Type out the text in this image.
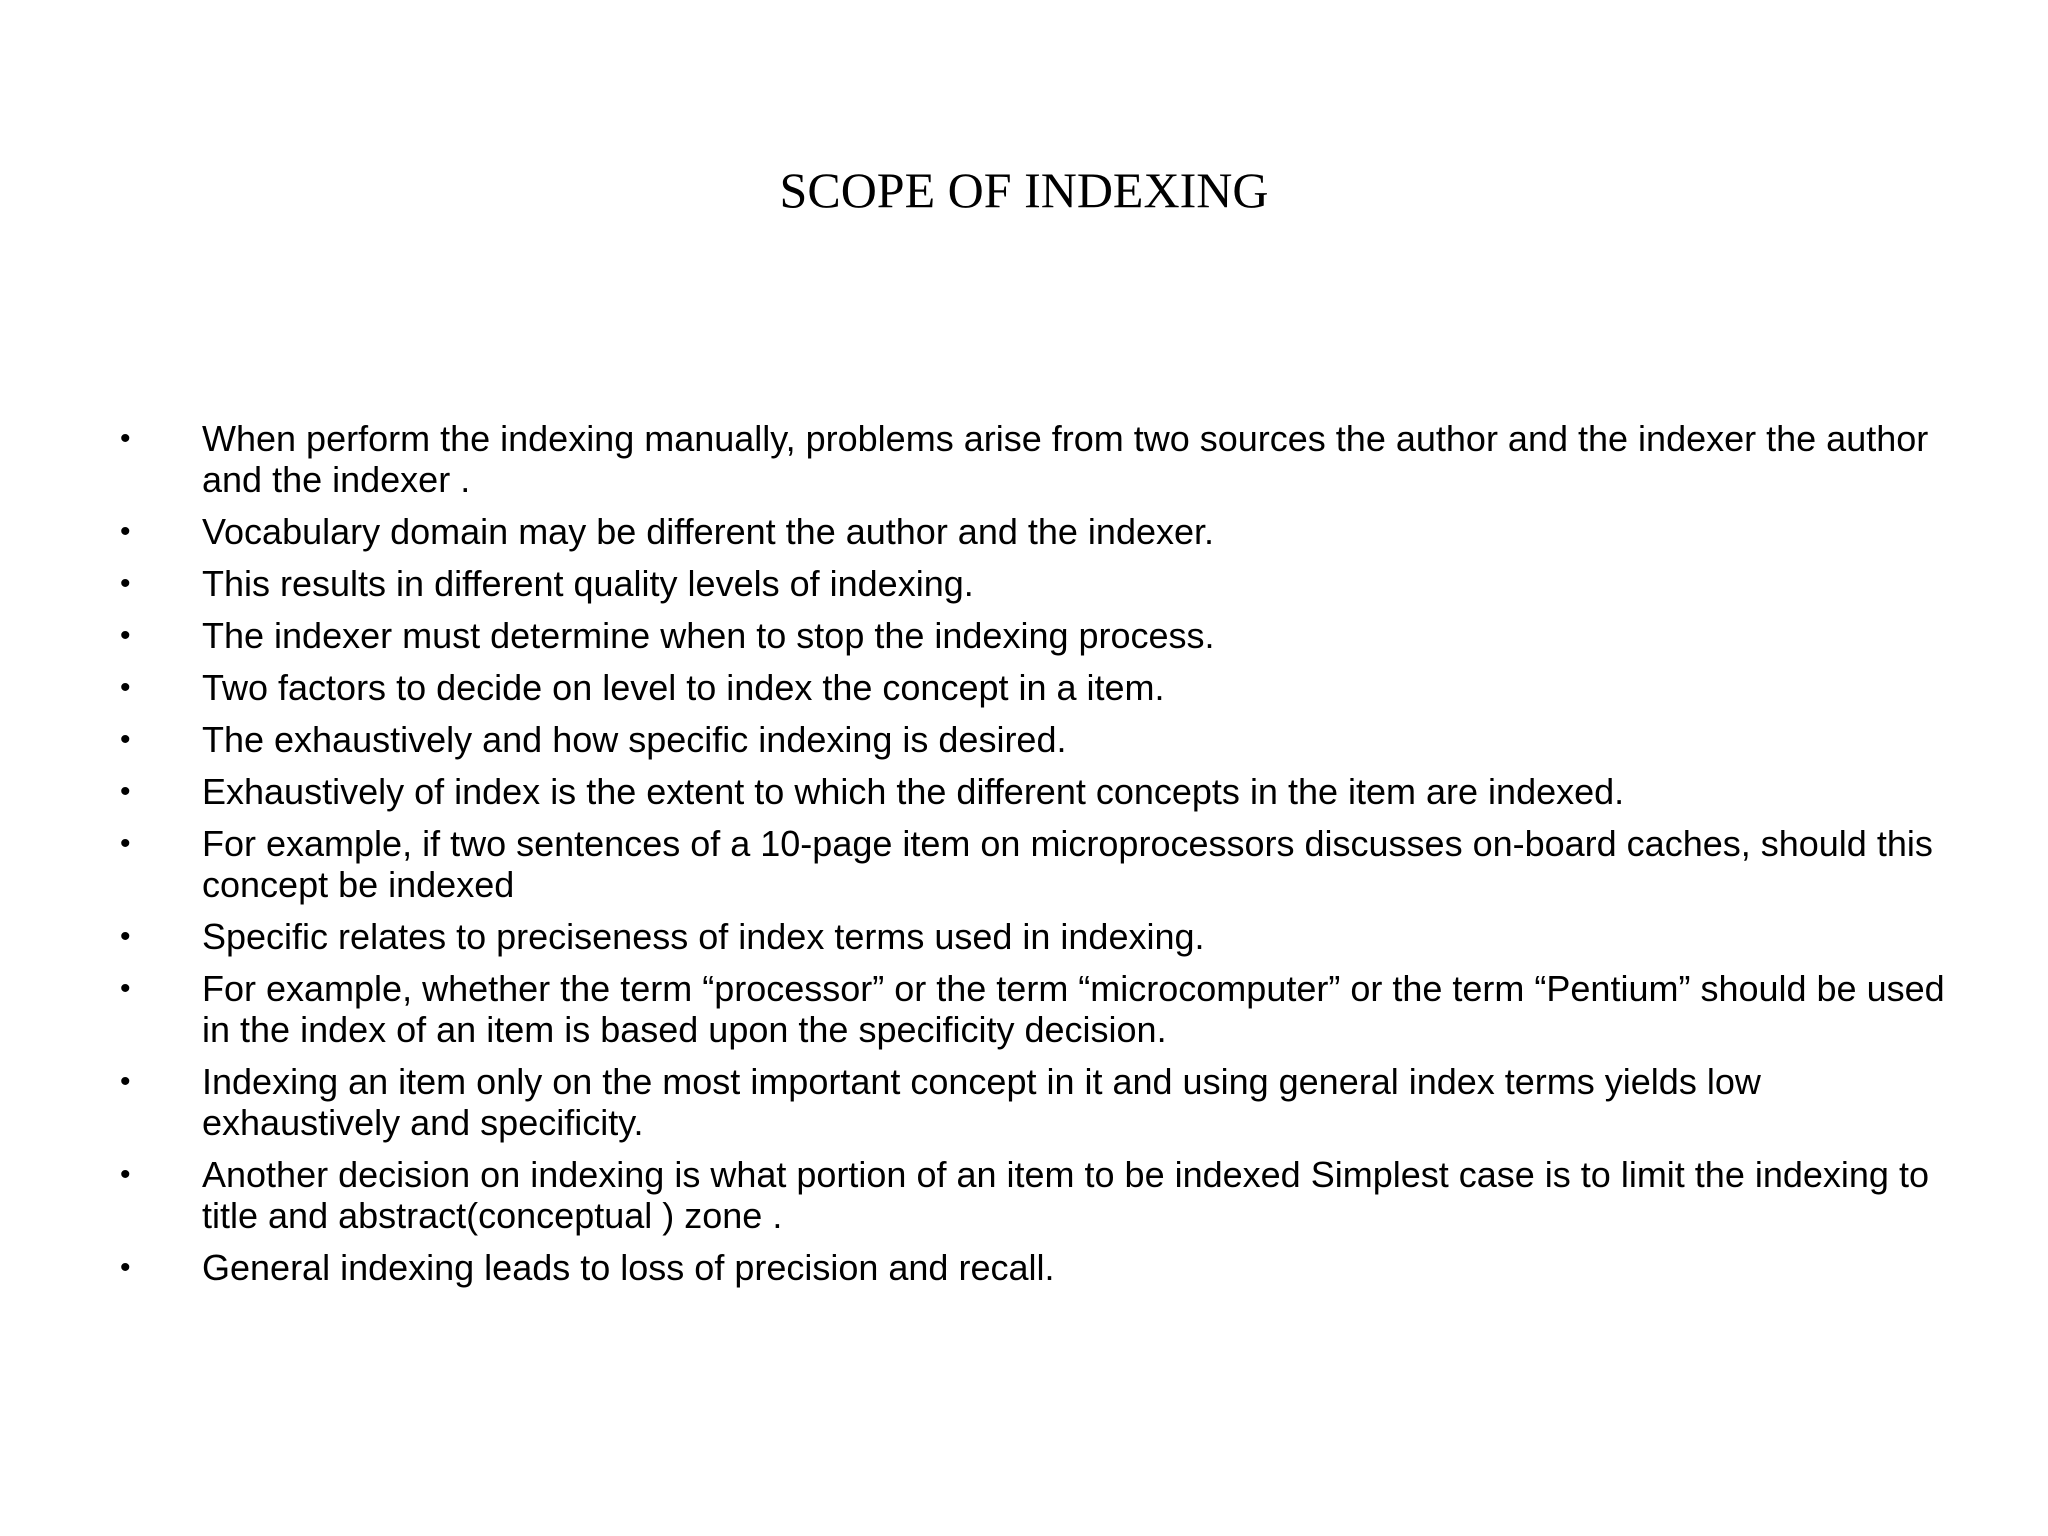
SCOPE OF INDEXING
•	When perform the indexing manually, problems arise from two sources the author and the indexer the author and the indexer .
•	Vocabulary domain may be different the author and the indexer.
•	This results in different quality levels of indexing.
•	The indexer must determine when to stop the indexing process.
•	Two factors to decide on level to index the concept in a item.
•	The exhaustively and how specific indexing is desired.
•	Exhaustively of index is the extent to which the different concepts in the item are indexed.
•	For example, if two sentences of a 10-page item on microprocessors discusses on-board caches, should this concept be indexed
•	Specific relates to preciseness of index terms used in indexing.
•	For example, whether the term “processor” or the term “microcomputer” or the term “Pentium” should be used in the index of an item is based upon the specificity decision.
•	Indexing an item only on the most important concept in it and using general index terms yields low exhaustively and specificity.
•	Another decision on indexing is what portion of an item to be indexed Simplest case is to limit the indexing to title and abstract(conceptual ) zone .
•	General indexing leads to loss of precision and recall.
